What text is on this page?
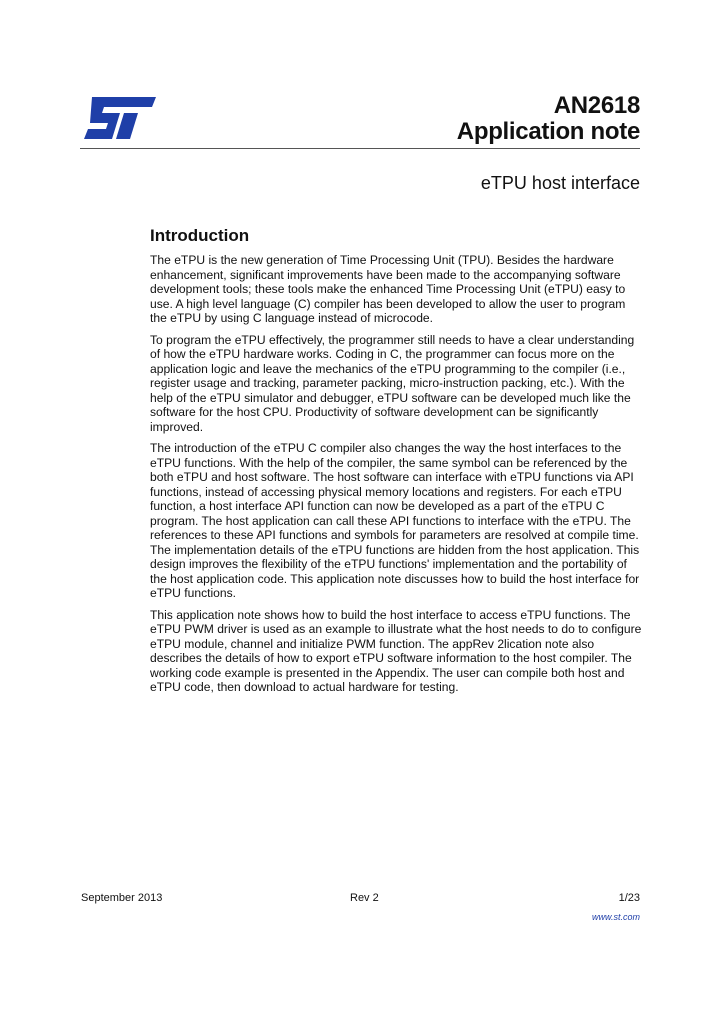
AN2618
Application note
eTPU host interface
Introduction

The eTPU is the new generation of Time Processing Unit (TPU). Besides the hardware enhancement, significant improvements have been made to the accompanying software development tools; these tools make the enhanced Time Processing Unit (eTPU) easy to use. A high level language (C) compiler has been developed to allow the user to program the eTPU by using C language instead of microcode.

To program the eTPU effectively, the programmer still needs to have a clear understanding of how the eTPU hardware works. Coding in C, the programmer can focus more on the application logic and leave the mechanics of the eTPU programming to the compiler (i.e., register usage and tracking, parameter packing, micro-instruction packing, etc.). With the help of the eTPU simulator and debugger, eTPU software can be developed much like the software for the host CPU. Productivity of software development can be significantly improved.

The introduction of the eTPU C compiler also changes the way the host interfaces to the eTPU functions. With the help of the compiler, the same symbol can be referenced by the both eTPU and host software. The host software can interface with eTPU functions via API functions, instead of accessing physical memory locations and registers. For each eTPU function, a host interface API function can now be developed as a part of the eTPU C program. The host application can call these API functions to interface with the eTPU. The references to these API functions and symbols for parameters are resolved at compile time. The implementation details of the eTPU functions are hidden from the host application. This design improves the flexibility of the eTPU functions' implementation and the portability of the host application code. This application note discusses how to build the host interface for eTPU functions.

This application note shows how to build the host interface to access eTPU functions. The eTPU PWM driver is used as an example to illustrate what the host needs to do to configure eTPU module, channel and initialize PWM function. The appRev 2lication note also describes the details of how to export eTPU software information to the host compiler. The working code example is presented in the Appendix. The user can compile both host and eTPU code, then download to actual hardware for testing.

September 2013	Rev 2	1/23
www.st.com
